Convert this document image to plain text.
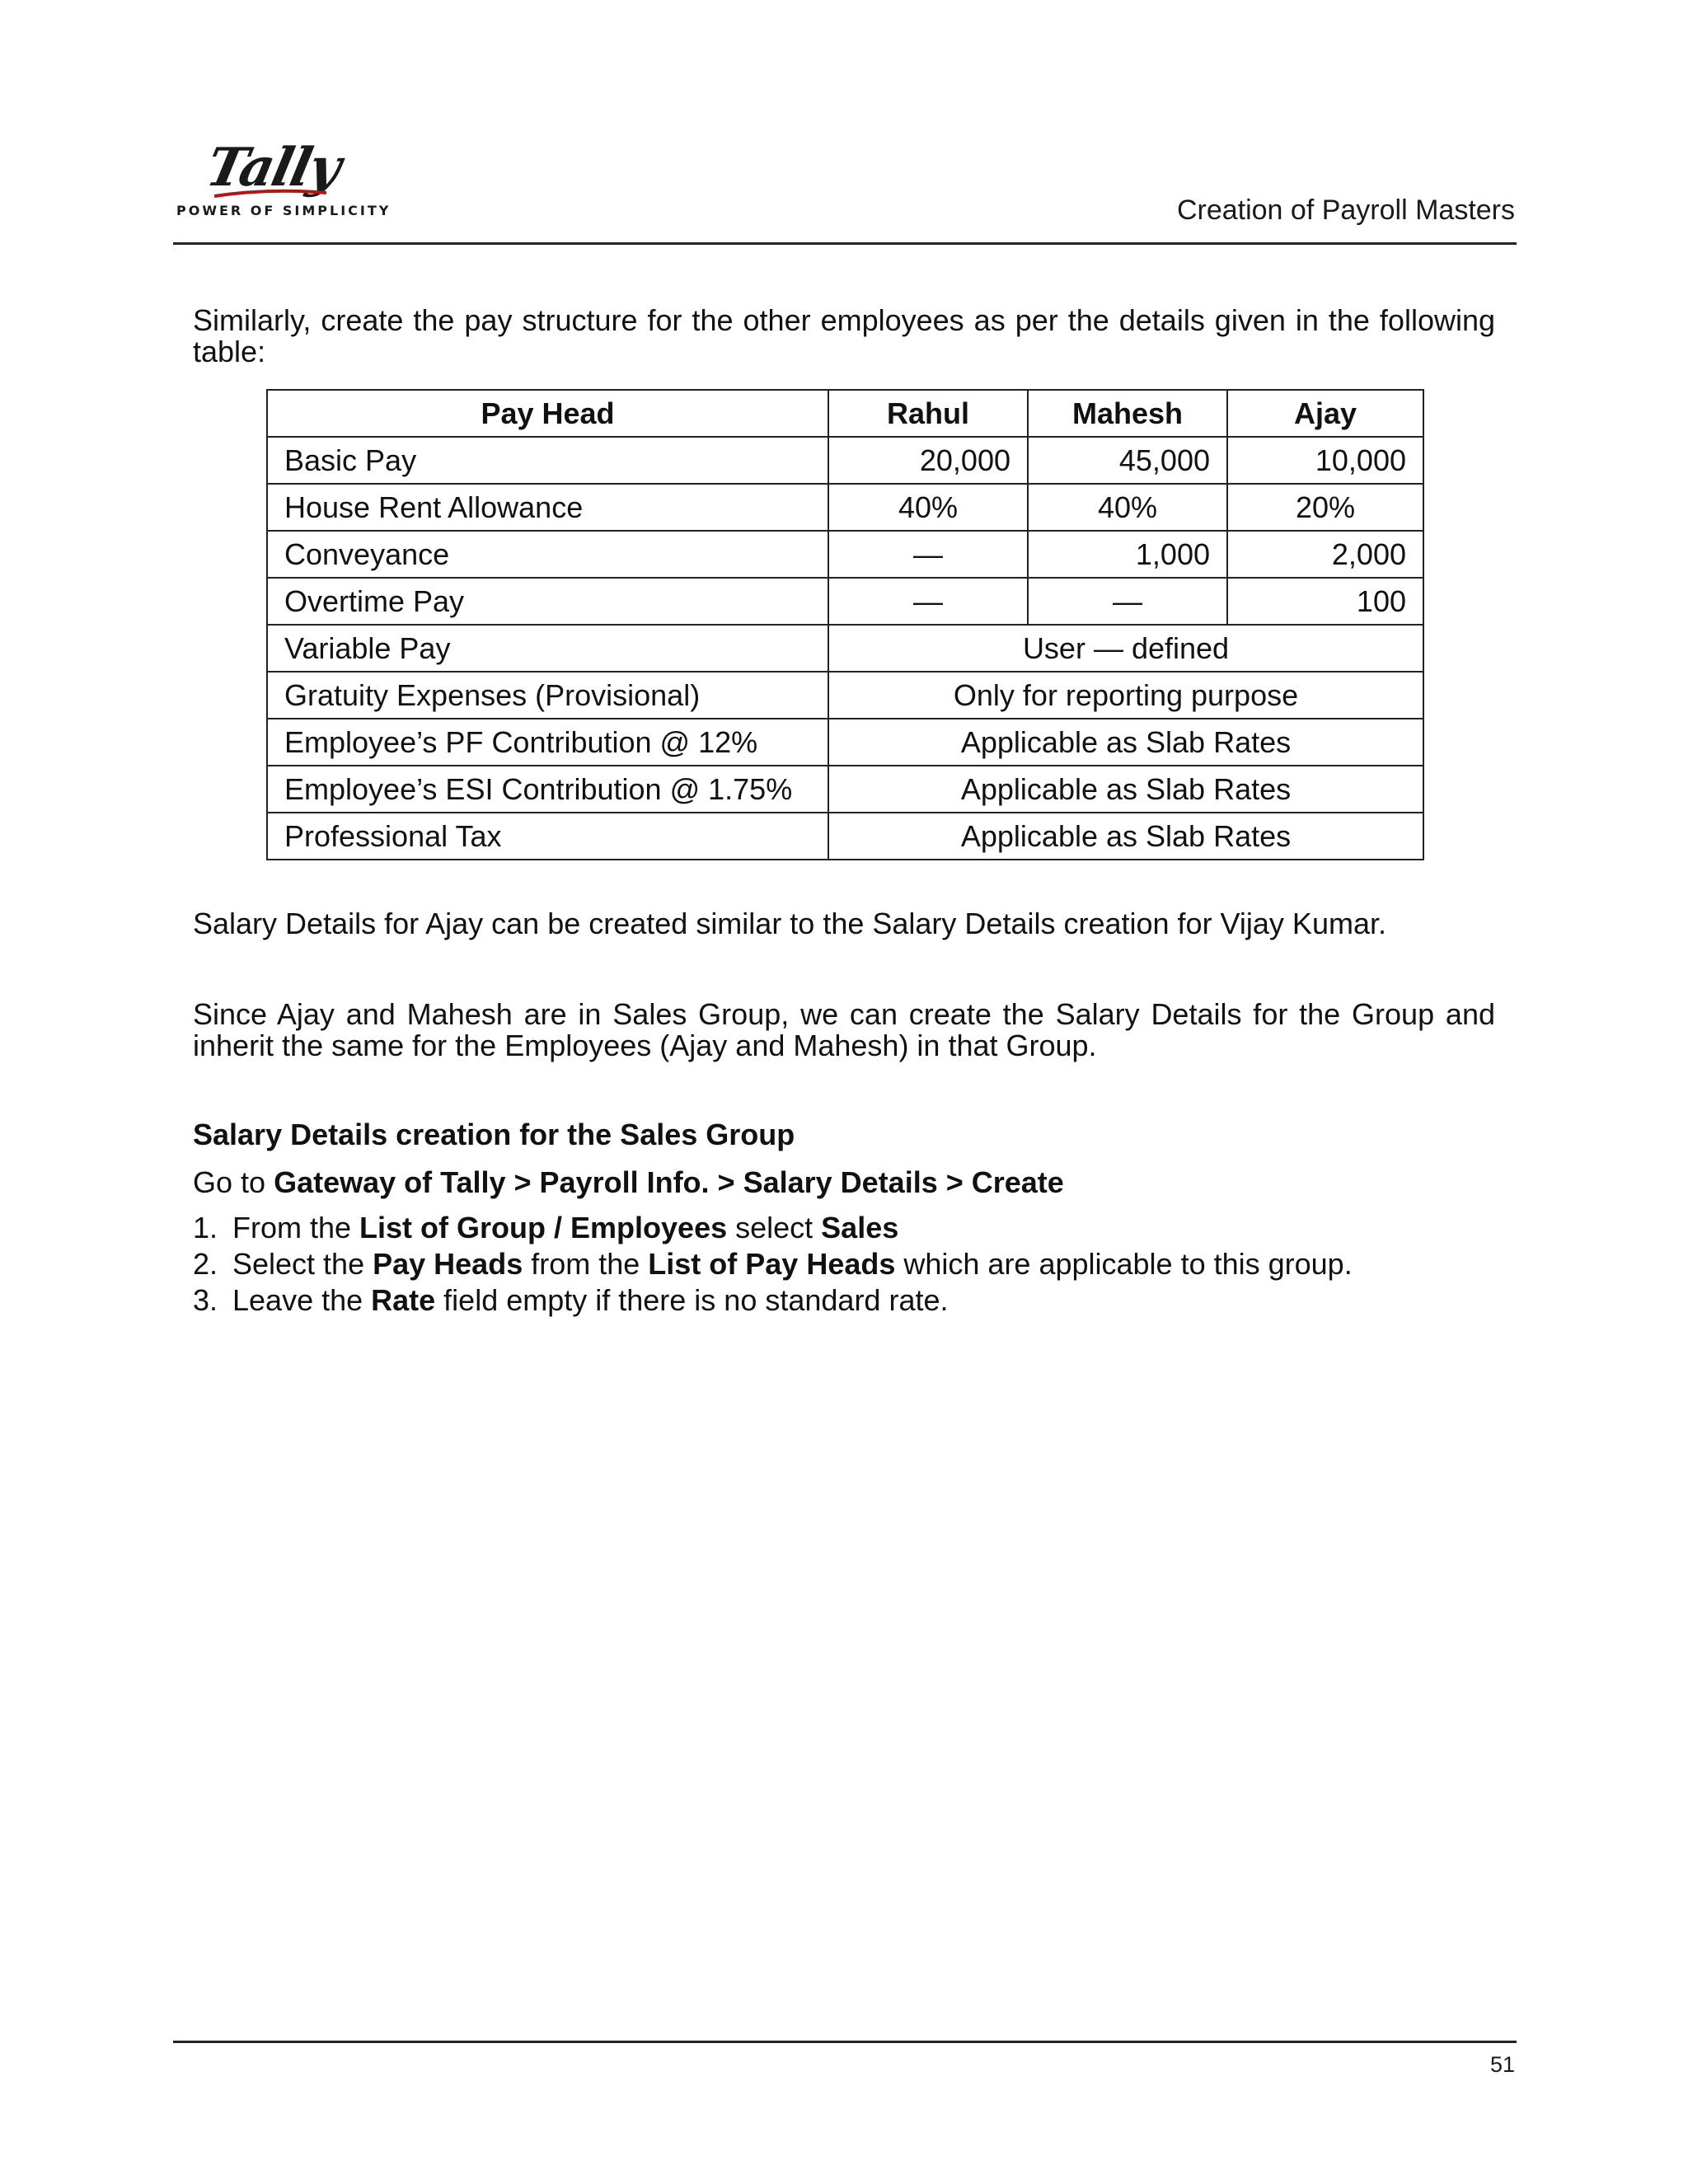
Tally
POWER OF SIMPLICITY	Creation of Payroll Masters
Similarly, create the pay structure for the other employees as per the details given in the following table:
Pay Head	Rahul	Mahesh	Ajay
Basic Pay	20,000	45,000	10,000
House Rent Allowance	40%	40%	20%
Conveyance	—	1,000	2,000
Overtime Pay	—	—	100
Variable Pay	User — defined		
Gratuity Expenses (Provisional)	Only for reporting purpose		
Employee’s PF Contribution @ 12%	Applicable as Slab Rates		
Employee’s ESI Contribution @ 1.75%	Applicable as Slab Rates		
Professional Tax	Applicable as Slab Rates		
Salary Details for Ajay can be created similar to the Salary Details creation for Vijay Kumar.
Since Ajay and Mahesh are in Sales Group, we can create the Salary Details for the Group and inherit the same for the Employees (Ajay and Mahesh) in that Group.
Salary Details creation for the Sales Group
Go to Gateway of Tally > Payroll Info. > Salary Details > Create
1. From the List of Group / Employees select Sales
2. Select the Pay Heads from the List of Pay Heads which are applicable to this group.
3. Leave the Rate field empty if there is no standard rate.
51
